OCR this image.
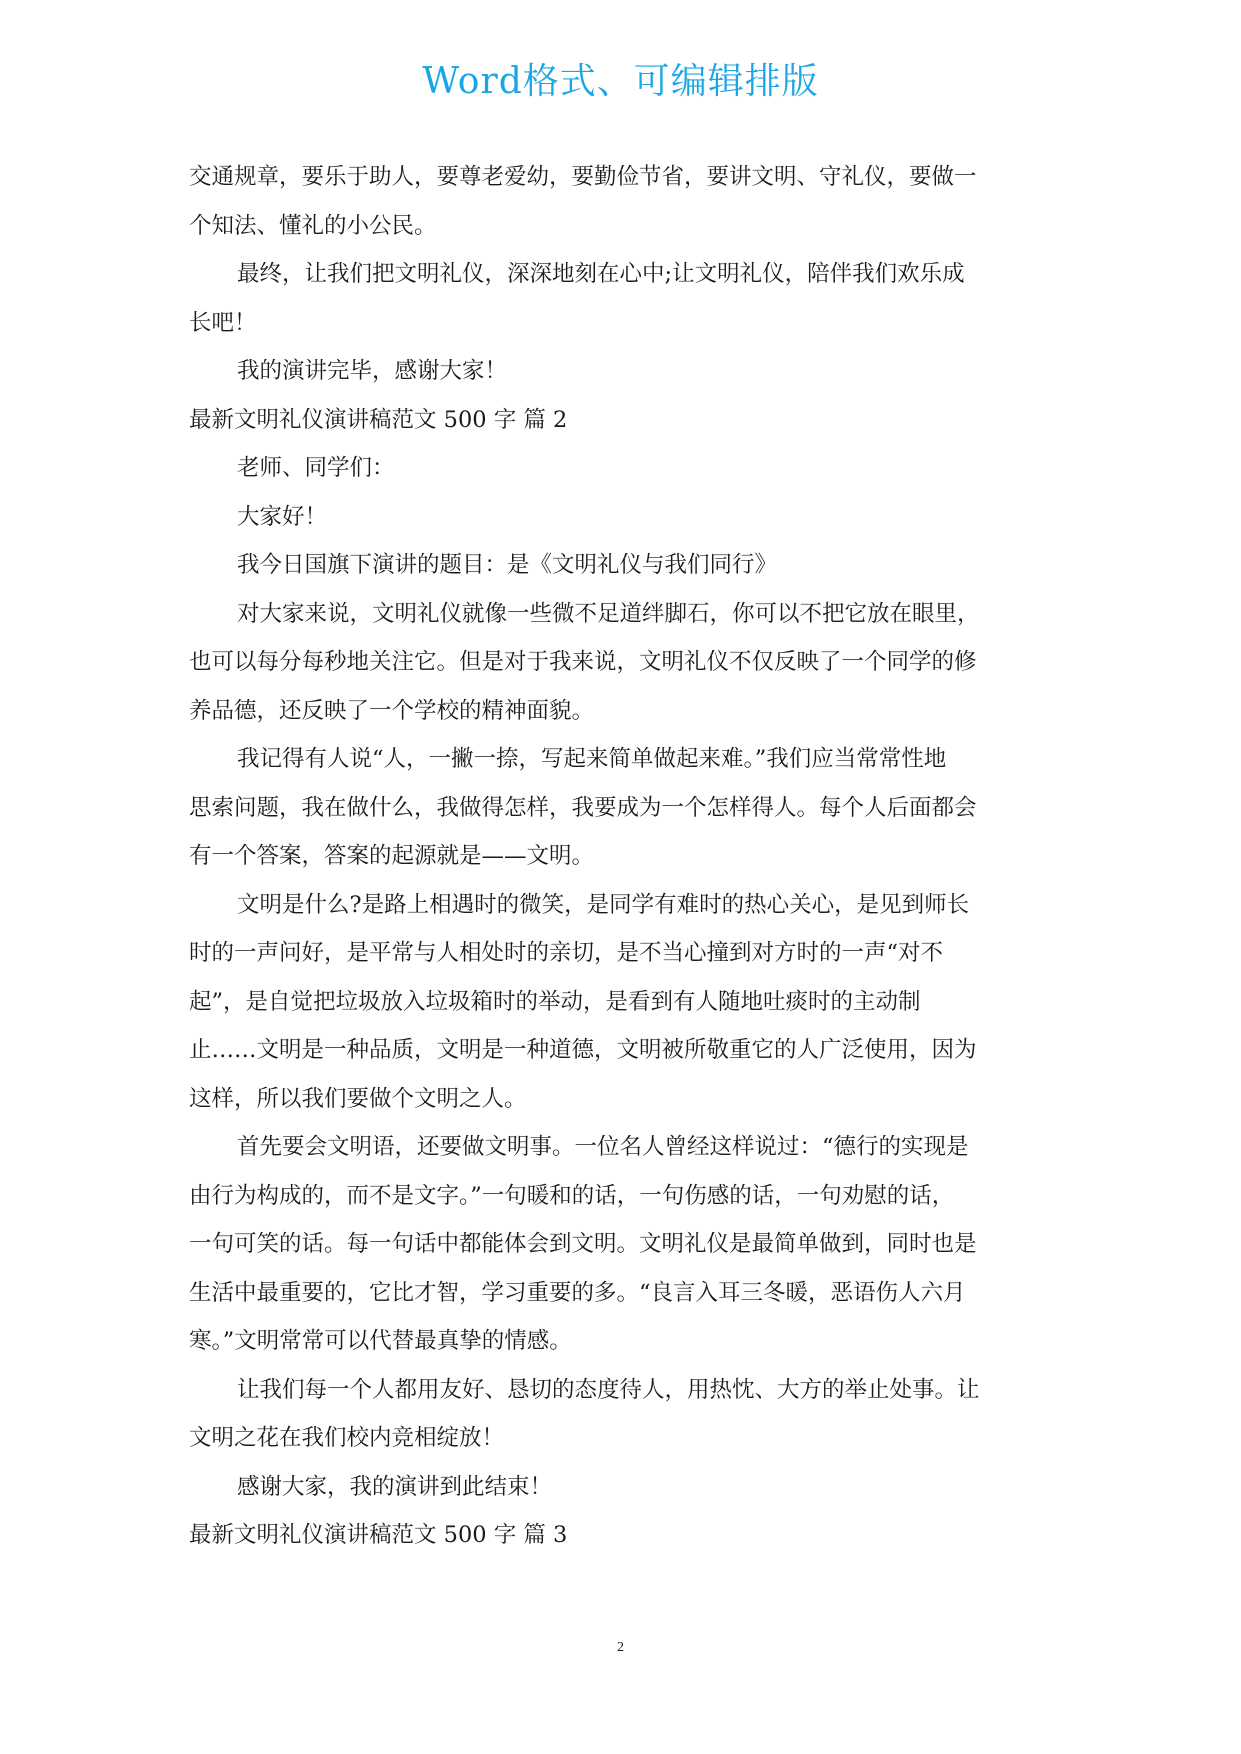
Word格式、可编辑排版
交通规章，要乐于助人，要尊老爱幼，要勤俭节省，要讲文明、守礼仪，要做一
个知法、懂礼的小公民。
最终，让我们把文明礼仪，深深地刻在心中;让文明礼仪，陪伴我们欢乐成
长吧！
我的演讲完毕，感谢大家！
最新文明礼仪演讲稿范文 500 字 篇 2
老师、同学们：
大家好！
我今日国旗下演讲的题目：是《文明礼仪与我们同行》
对大家来说，文明礼仪就像一些微不足道绊脚石，你可以不把它放在眼里，
也可以每分每秒地关注它。但是对于我来说，文明礼仪不仅反映了一个同学的修
养品德，还反映了一个学校的精神面貌。
我记得有人说“人，一撇一捺，写起来简单做起来难。”我们应当常常性地
思索问题，我在做什么，我做得怎样，我要成为一个怎样得人。每个人后面都会
有一个答案，答案的起源就是——文明。
文明是什么?是路上相遇时的微笑，是同学有难时的热心关心，是见到师长
时的一声问好，是平常与人相处时的亲切，是不当心撞到对方时的一声“对不
起”，是自觉把垃圾放入垃圾箱时的举动，是看到有人随地吐痰时的主动制
止……文明是一种品质，文明是一种道德，文明被所敬重它的人广泛使用，因为
这样，所以我们要做个文明之人。
首先要会文明语，还要做文明事。一位名人曾经这样说过：“德行的实现是
由行为构成的，而不是文字。”一句暖和的话，一句伤感的话，一句劝慰的话，
一句可笑的话。每一句话中都能体会到文明。文明礼仪是最简单做到，同时也是
生活中最重要的，它比才智，学习重要的多。“良言入耳三冬暖，恶语伤人六月
寒。”文明常常可以代替最真挚的情感。
让我们每一个人都用友好、恳切的态度待人，用热忱、大方的举止处事。让
文明之花在我们校内竞相绽放！
感谢大家，我的演讲到此结束！
最新文明礼仪演讲稿范文 500 字 篇 3
2
